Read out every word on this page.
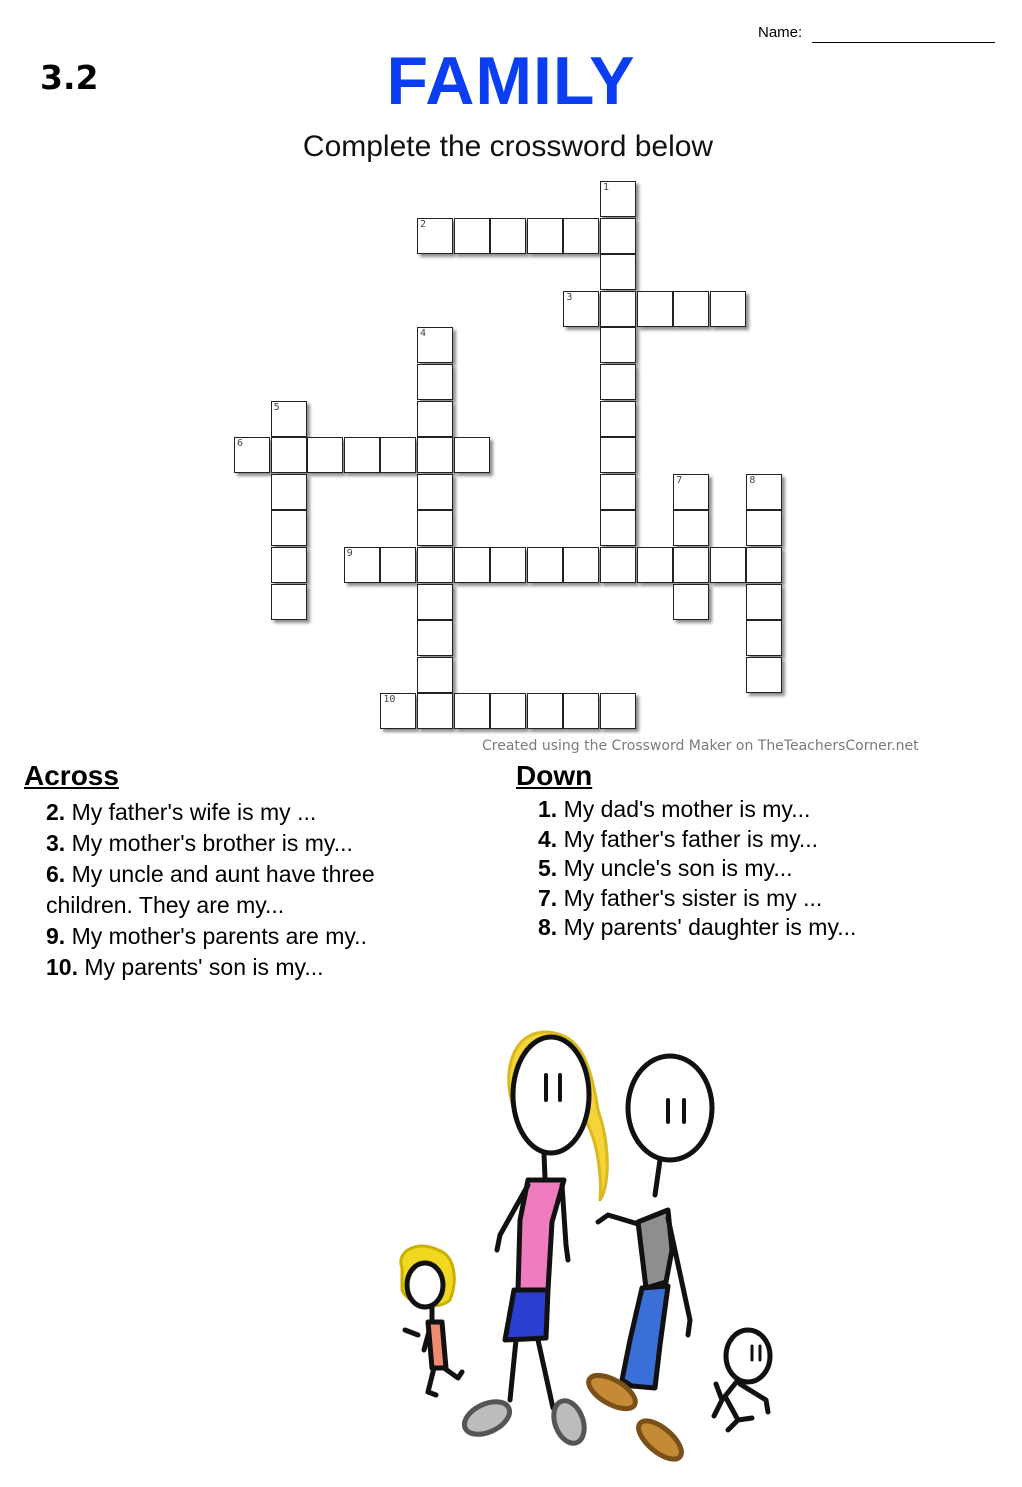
3.2
Name:
FAMILY
Complete the crossword below
1
2
3
4
5
6
7	8
9
10
Created using the Crossword Maker on TheTeachersCorner.net
Across
2. My father's wife is my ...
3. My mother's brother is my...
6. My uncle and aunt have three children. They are my...
9. My mother's parents are my..
10. My parents' son is my...
Down
1. My dad's mother is my...
4. My father's father is my...
5. My uncle's son is my...
7. My father's sister is my ...
8. My parents' daughter is my...
